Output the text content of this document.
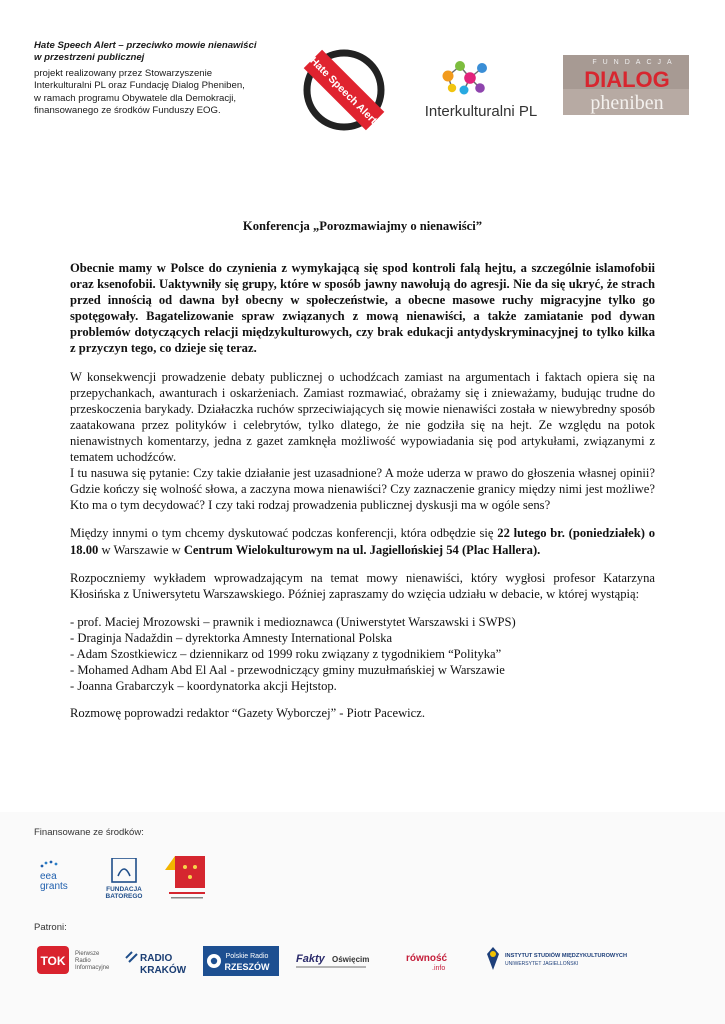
Hate Speech Alert – przeciwko mowie nienawiści
w przestrzeni publicznej
projekt realizowany przez Stowarzyszenie
Interkulturalni PL oraz Fundację Dialog Pheniben,
w ramach programu Obywatele dla Demokracji,
finansowanego ze środków Funduszy EOG.	Hate Speech Alert	Interkulturalni PL
FUNDACJA
DIALOG
pheniben
Konferencja „Porozmawiajmy o nienawiści”

Obecnie mamy w Polsce do czynienia z wymykającą się spod kontroli falą hejtu, a szczególnie islamofobii oraz ksenofobii. Uaktywniły się grupy, które w sposób jawny nawołują do agresji. Nie da się ukryć, że strach przed innością od dawna był obecny w społeczeństwie, a obecne masowe ruchy migracyjne tylko go spotęgowały. Bagatelizowanie spraw związanych z mową nienawiści, a także zamiatanie pod dywan problemów dotyczących relacji międzykulturowych, czy brak edukacji antydyskryminacyjnej to tylko kilka z przyczyn tego, co dzieje się teraz.

W konsekwencji prowadzenie debaty publicznej o uchodźcach zamiast na argumentach i faktach opiera się na przepychankach, awanturach i oskarżeniach. Zamiast rozmawiać, obrażamy się i znieważamy, budując trudne do przeskoczenia barykady. Działaczka ruchów sprzeciwiających się mowie nienawiści została w niewybredny sposób zaatakowana przez polityków i celebrytów, tylko dlatego, że nie godziła się na hejt. Ze względu na potok nienawistnych komentarzy, jedna z gazet zamknęła możliwość wypowiadania się pod artykułami, związanymi z tematem uchodźców.

I tu nasuwa się pytanie: Czy takie działanie jest uzasadnione? A może uderza w prawo do głoszenia własnej opinii? Gdzie kończy się wolność słowa, a zaczyna mowa nienawiści? Czy zaznaczenie granicy między nimi jest możliwe? Kto ma o tym decydować? I czy taki rodzaj prowadzenia publicznej dyskusji ma w ogóle sens?

Między innymi o tym chcemy dyskutować podczas konferencji, która odbędzie się 22 lutego br. (poniedziałek) o 18.00 w Warszawie w Centrum Wielokulturowym na ul. Jagiellońskiej 54 (Plac Hallera).

Rozpoczniemy wykładem wprowadzającym na temat mowy nienawiści, który wygłosi profesor Katarzyna Kłosińska z Uniwersytetu Warszawskiego. Później zapraszamy do wzięcia udziału w debacie, w której wystąpią:

- prof. Maciej Mrozowski – prawnik i medioznawca (Uniwerstytet Warszawski i SWPS)
- Draginja Nadaždin – dyrektorka Amnesty International Polska
- Adam Szostkiewicz – dziennikarz od 1999 roku związany z tygodnikiem “Polityka”
- Mohamed Adham Abd El Aal - przewodniczący gminy muzułmańskiej w Warszawie
- Joanna Grabarczyk – koordynatorka akcji Hejtstop.

Rozmowę poprowadzi redaktor “Gazety Wyborczej” - Piotr Pacewicz.

Finansowane ze środków:
eea
grants	FUNDACJA
BATOREGO
Patroni:
TOK Pierwsze
Radio
Informacyjne
RADIO
KRAKÓW
Polskie Radio
RZESZÓW
Fakty Oświęcim	równość
.info
INSTYTUT STUDIÓW MIĘDZYKULTUROWYCH
UNIWERSYTET JAGIELLOŃSKI
